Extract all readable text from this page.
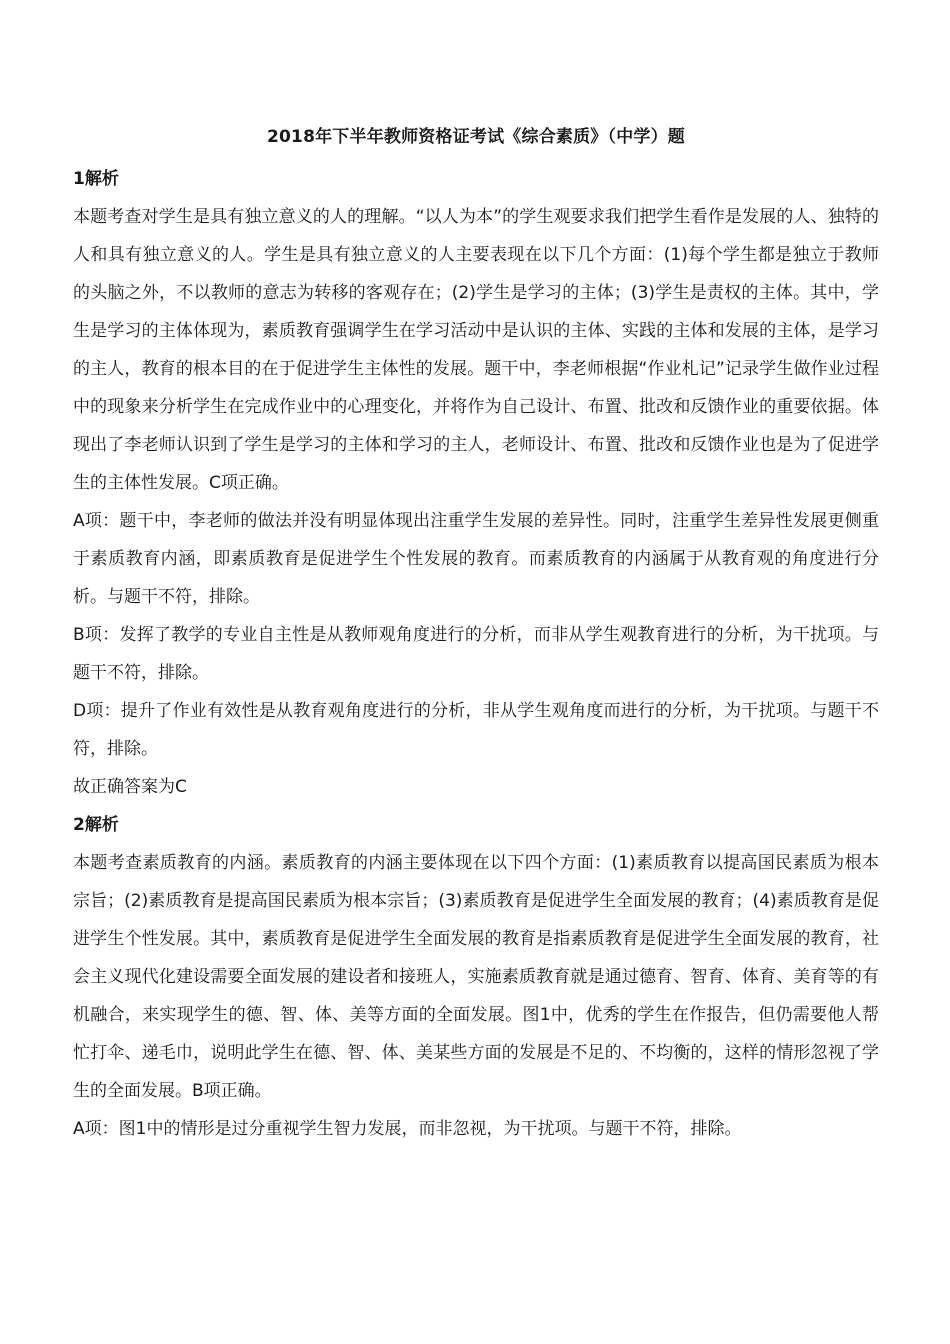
2018年下半年教师资格证考试《综合素质》（中学）题
1解析

本题考查对学生是具有独立意义的人的理解。“以人为本”的学生观要求我们把学生看作是发展的人、独特的人和具有独立意义的人。学生是具有独立意义的人主要表现在以下几个方面：(1)每个学生都是独立于教师的头脑之外，不以教师的意志为转移的客观存在；(2)学生是学习的主体；(3)学生是责权的主体。其中，学生是学习的主体体现为，素质教育强调学生在学习活动中是认识的主体、实践的主体和发展的主体，是学习的主人，教育的根本目的在于促进学生主体性的发展。题干中，李老师根据“作业札记”记录学生做作业过程中的现象来分析学生在完成作业中的心理变化，并将作为自己设计、布置、批改和反馈作业的重要依据。体现出了李老师认识到了学生是学习的主体和学习的主人，老师设计、布置、批改和反馈作业也是为了促进学生的主体性发展。C项正确。

A项：题干中，李老师的做法并没有明显体现出注重学生发展的差异性。同时，注重学生差异性发展更侧重于素质教育内涵，即素质教育是促进学生个性发展的教育。而素质教育的内涵属于从教育观的角度进行分析。与题干不符，排除。

B项：发挥了教学的专业自主性是从教师观角度进行的分析，而非从学生观教育进行的分析，为干扰项。与题干不符，排除。

D项：提升了作业有效性是从教育观角度进行的分析，非从学生观角度而进行的分析，为干扰项。与题干不符，排除。

故正确答案为C

2解析

本题考查素质教育的内涵。素质教育的内涵主要体现在以下四个方面：(1)素质教育以提高国民素质为根本宗旨；(2)素质教育是提高国民素质为根本宗旨；(3)素质教育是促进学生全面发展的教育；(4)素质教育是促进学生个性发展。其中，素质教育是促进学生全面发展的教育是指素质教育是促进学生全面发展的教育，社会主义现代化建设需要全面发展的建设者和接班人，实施素质教育就是通过德育、智育、体育、美育等的有机融合，来实现学生的德、智、体、美等方面的全面发展。图1中，优秀的学生在作报告，但仍需要他人帮忙打伞、递毛巾，说明此学生在德、智、体、美某些方面的发展是不足的、不均衡的，这样的情形忽视了学生的全面发展。B项正确。

A项：图1中的情形是过分重视学生智力发展，而非忽视，为干扰项。与题干不符，排除。
